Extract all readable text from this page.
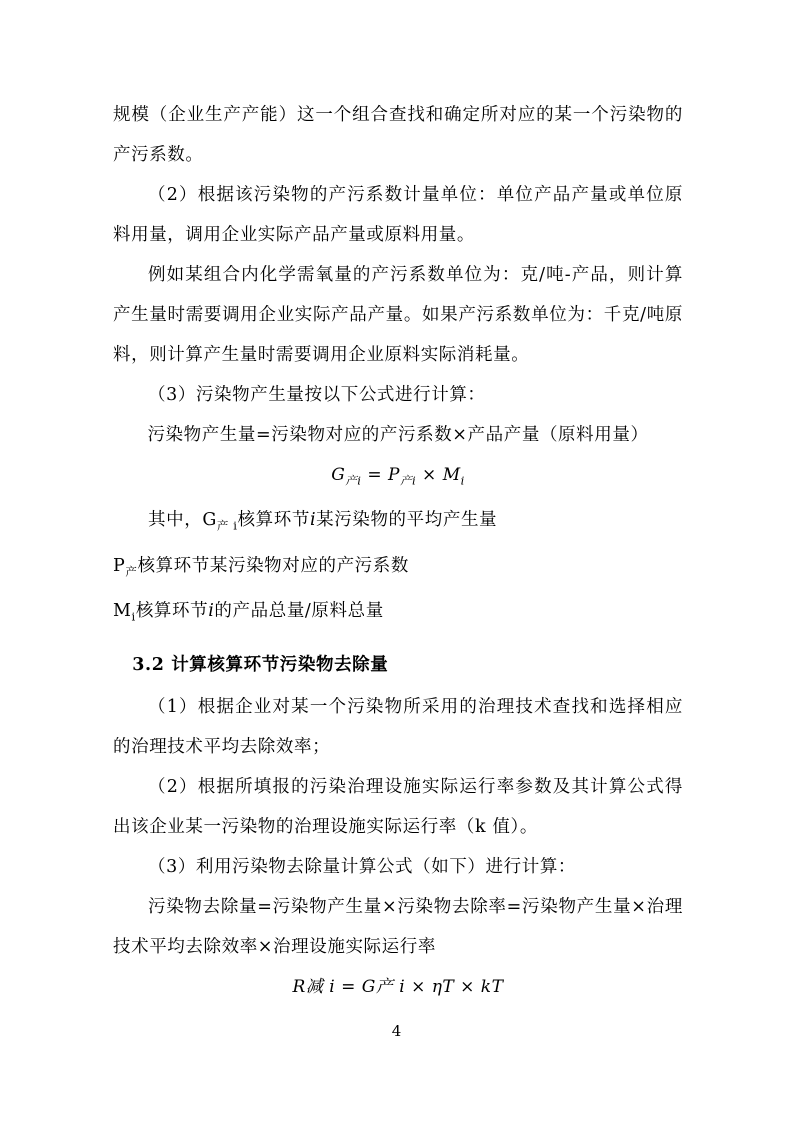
规模（企业生产产能）这一个组合查找和确定所对应的某一个污染物的产污系数。

（2）根据该污染物的产污系数计量单位：单位产品产量或单位原料用量，调用企业实际产品产量或原料用量。

例如某组合内化学需氧量的产污系数单位为：克/吨-产品，则计算产生量时需要调用企业实际产品产量。如果产污系数单位为：千克/吨原料，则计算产生量时需要调用企业原料实际消耗量。

（3）污染物产生量按以下公式进行计算：

污染物产生量=污染物对应的产污系数×产品产量（原料用量）

$G_{产i} = P_{产i} \times M_i$

其中，$G_{产 i}$核算环节i某污染物的平均产生量

$P_产$核算环节某污染物对应的产污系数

$M_i$核算环节i的产品总量/原料总量

3.2 计算核算环节污染物去除量

（1）根据企业对某一个污染物所采用的治理技术查找和选择相应的治理技术平均去除效率；

（2）根据所填报的污染治理设施实际运行率参数及其计算公式得出该企业某一污染物的治理设施实际运行率（k 值）。

（3）利用污染物去除量计算公式（如下）进行计算：

污染物去除量=污染物产生量×污染物去除率=污染物产生量×治理技术平均去除效率×治理设施实际运行率

R减 i = G产 i × ηT × kT
4
